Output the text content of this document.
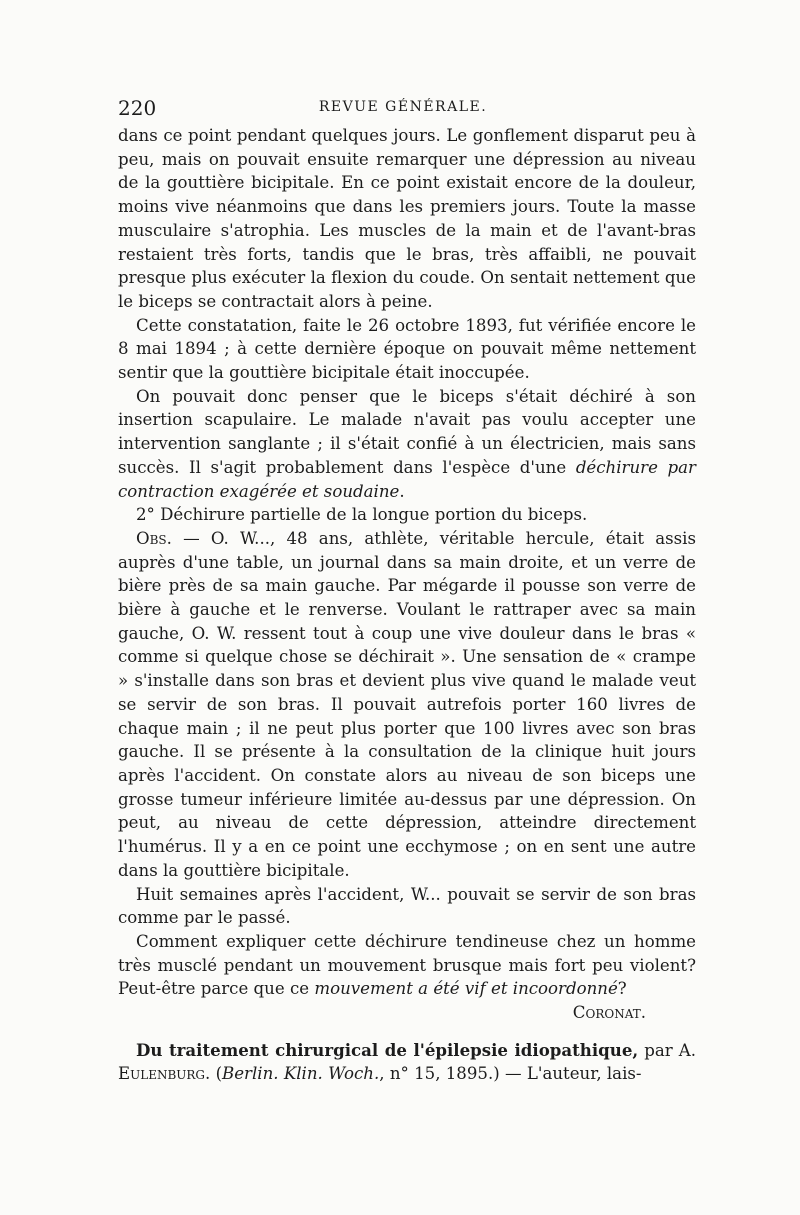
220	REVUE GÉNÉRALE.

dans ce point pendant quelques jours. Le gonflement disparut peu à peu, mais on pouvait ensuite remarquer une dépression au niveau de la gouttière bicipitale. En ce point existait encore de la douleur, moins vive néanmoins que dans les premiers jours. Toute la masse musculaire s'atrophia. Les muscles de la main et de l'avant-bras restaient très forts, tandis que le bras, très affaibli, ne pouvait presque plus exécuter la flexion du coude. On sentait nettement que le biceps se contractait alors à peine.

Cette constatation, faite le 26 octobre 1893, fut vérifiée encore le 8 mai 1894 ; à cette dernière époque on pouvait même nettement sentir que la gouttière bicipitale était inoccupée.

On pouvait donc penser que le biceps s'était déchiré à son insertion scapulaire. Le malade n'avait pas voulu accepter une intervention sanglante ; il s'était confié à un électricien, mais sans succès. Il s'agit probablement dans l'espèce d'une déchirure par contraction exagérée et soudaine.

2° Déchirure partielle de la longue portion du biceps.

Obs. — O. W..., 48 ans, athlète, véritable hercule, était assis auprès d'une table, un journal dans sa main droite, et un verre de bière près de sa main gauche. Par mégarde il pousse son verre de bière à gauche et le renverse. Voulant le rattraper avec sa main gauche, O. W. ressent tout à coup une vive douleur dans le bras « comme si quelque chose se déchirait ». Une sensation de « crampe » s'installe dans son bras et devient plus vive quand le malade veut se servir de son bras. Il pouvait autrefois porter 160 livres de chaque main ; il ne peut plus porter que 100 livres avec son bras gauche. Il se présente à la consultation de la clinique huit jours après l'accident. On constate alors au niveau de son biceps une grosse tumeur inférieure limitée au-dessus par une dépression. On peut, au niveau de cette dépression, atteindre directement l'humérus. Il y a en ce point une ecchymose ; on en sent une autre dans la gouttière bicipitale.

Huit semaines après l'accident, W... pouvait se servir de son bras comme par le passé.

Comment expliquer cette déchirure tendineuse chez un homme très musclé pendant un mouvement brusque mais fort peu violent? Peut-être parce que ce mouvement a été vif et incoordonné?

Coronat.

Du traitement chirurgical de l'épilepsie idiopathique, par A. Eulenburg. (Berlin. Klin. Woch., n° 15, 1895.) — L'auteur, lais-
